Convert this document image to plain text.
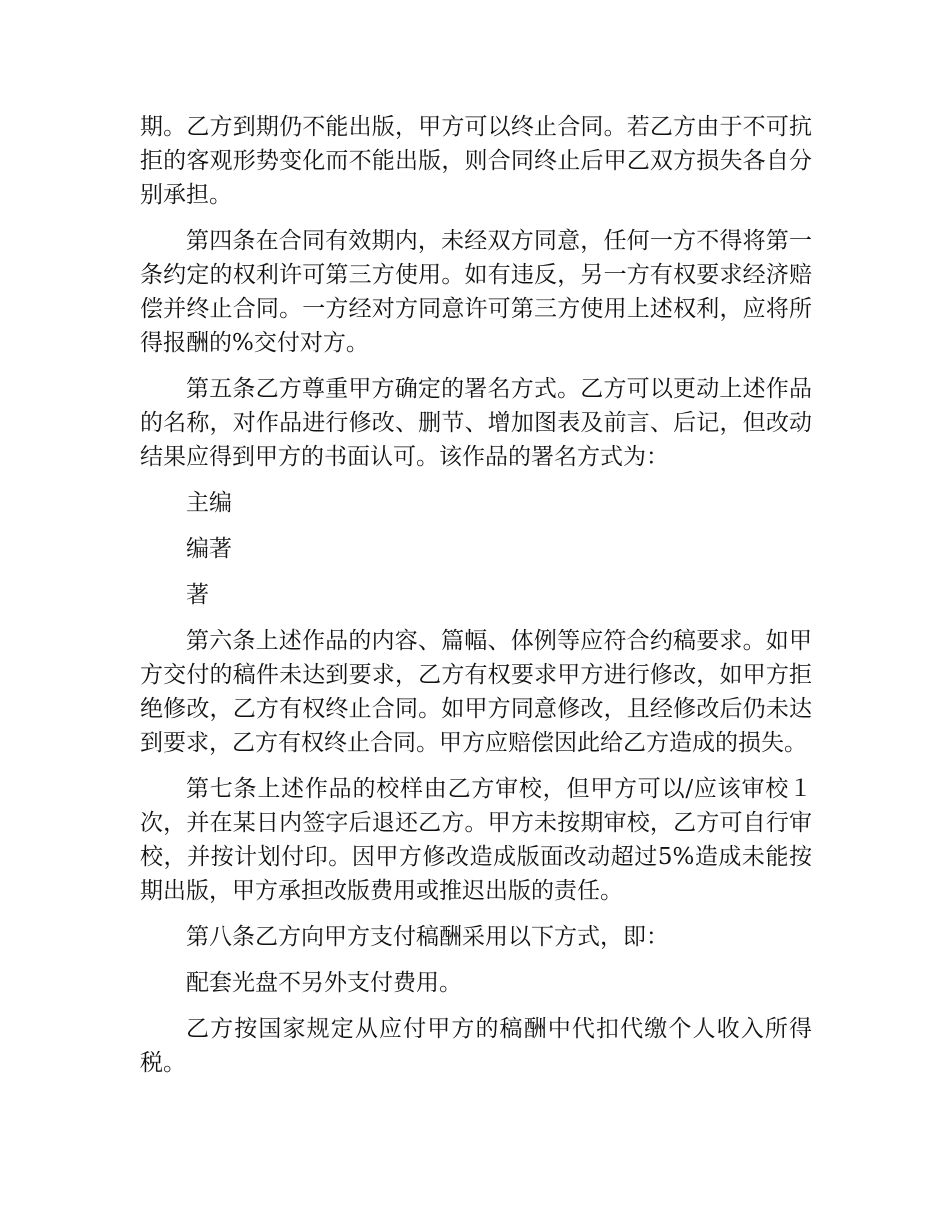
期。乙方到期仍不能出版，甲方可以终止合同。若乙方由于不可抗拒的客观形势变化而不能出版，则合同终止后甲乙双方损失各自分别承担。

第四条在合同有效期内，未经双方同意，任何一方不得将第一条约定的权利许可第三方使用。如有违反，另一方有权要求经济赔偿并终止合同。一方经对方同意许可第三方使用上述权利，应将所得报酬的%交付对方。

第五条乙方尊重甲方确定的署名方式。乙方可以更动上述作品的名称，对作品进行修改、删节、增加图表及前言、后记，但改动结果应得到甲方的书面认可。该作品的署名方式为：

主编

编著

著

第六条上述作品的内容、篇幅、体例等应符合约稿要求。如甲方交付的稿件未达到要求，乙方有权要求甲方进行修改，如甲方拒绝修改，乙方有权终止合同。如甲方同意修改，且经修改后仍未达到要求，乙方有权终止合同。甲方应赔偿因此给乙方造成的损失。

第七条上述作品的校样由乙方审校，但甲方可以/应该审校１次，并在某日内签字后退还乙方。甲方未按期审校，乙方可自行审校，并按计划付印。因甲方修改造成版面改动超过5%造成未能按期出版，甲方承担改版费用或推迟出版的责任。

第八条乙方向甲方支付稿酬采用以下方式，即：

配套光盘不另外支付费用。

乙方按国家规定从应付甲方的稿酬中代扣代缴个人收入所得税。
